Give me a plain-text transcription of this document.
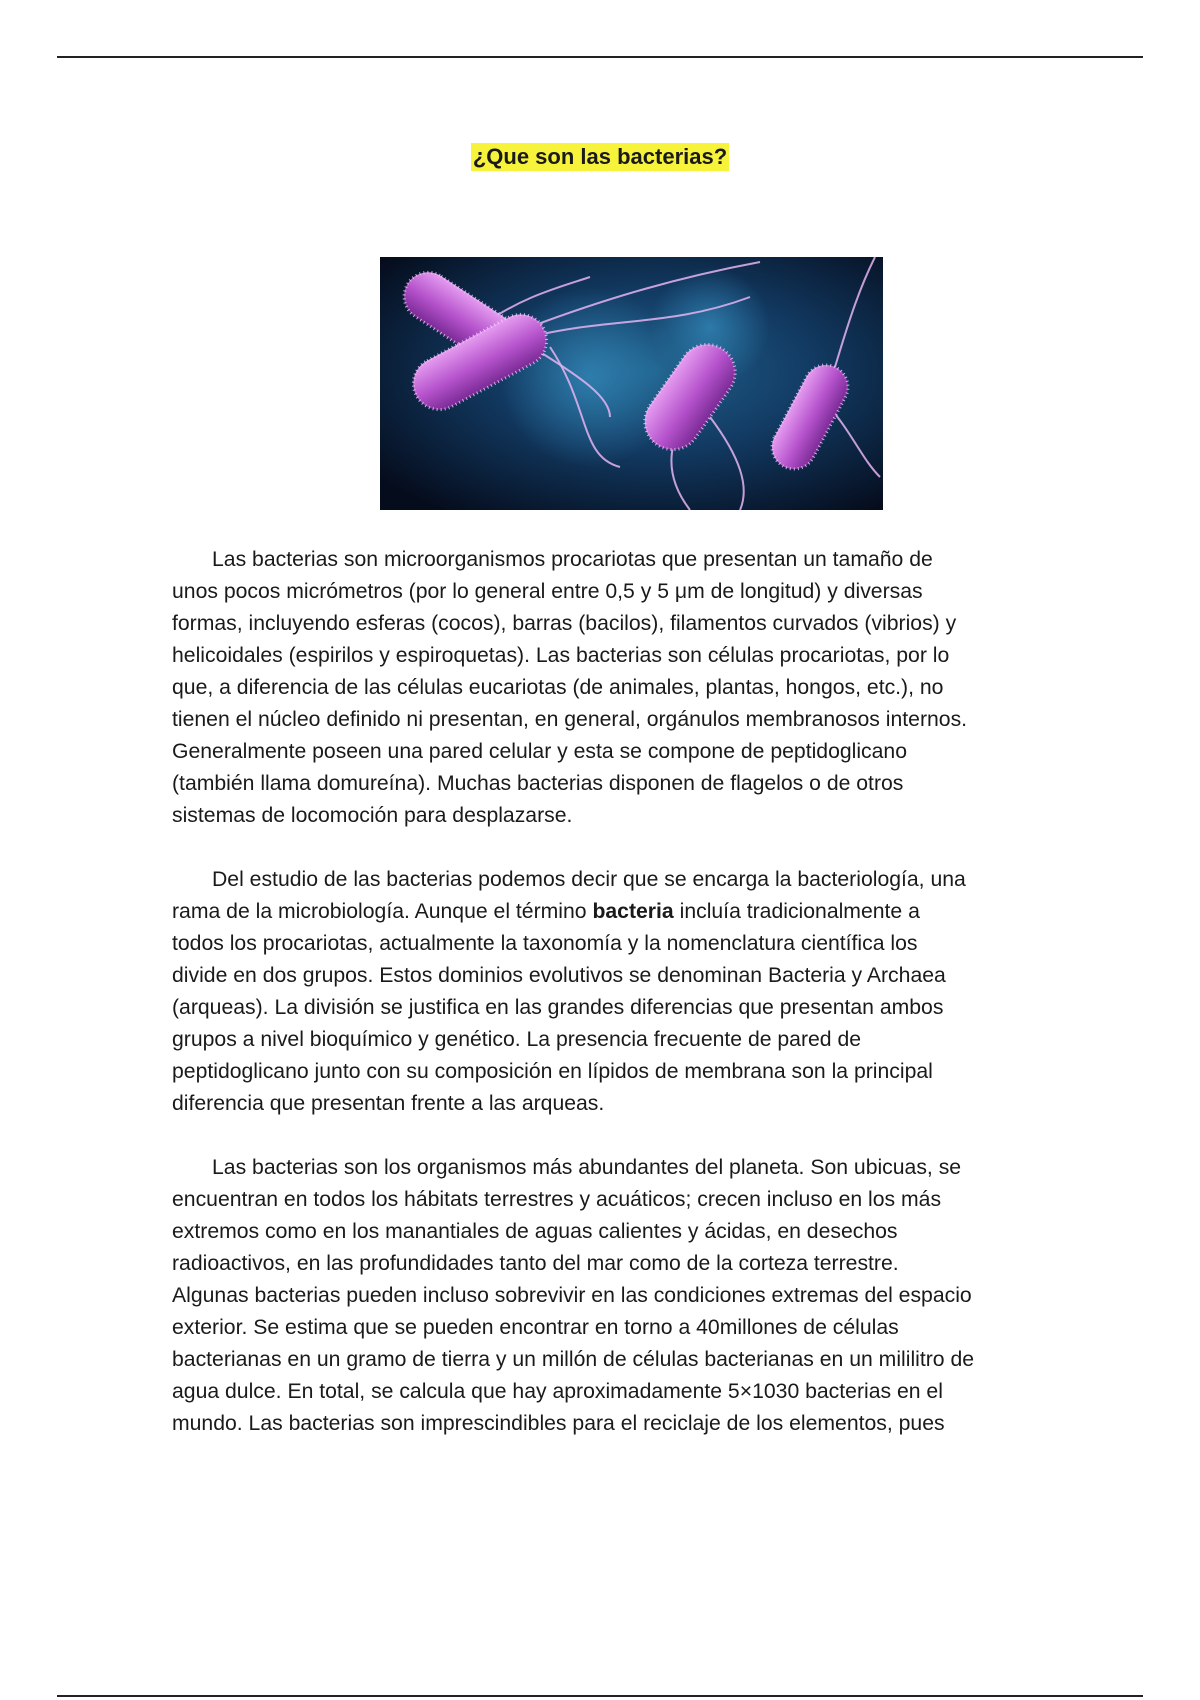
¿Que son las bacterias?
Las bacterias son microorganismos procariotas que presentan un tamaño de
unos pocos micrómetros (por lo general entre 0,5 y 5 μm de longitud) y diversas
formas, incluyendo esferas (cocos), barras (bacilos), filamentos curvados (vibrios) y
helicoidales (espirilos y espiroquetas). Las bacterias son células procariotas, por lo
que, a diferencia de las células eucariotas (de animales, plantas, hongos, etc.), no
tienen el núcleo definido ni presentan, en general, orgánulos membranosos internos.
Generalmente poseen una pared celular y esta se compone de peptidoglicano
(también llama domureína). Muchas bacterias disponen de flagelos o de otros
sistemas de locomoción para desplazarse.
Del estudio de las bacterias podemos decir que se encarga la bacteriología, una
rama de la microbiología. Aunque el término bacteria incluía tradicionalmente a
todos los procariotas, actualmente la taxonomía y la nomenclatura científica los
divide en dos grupos. Estos dominios evolutivos se denominan Bacteria y Archaea
(arqueas). La división se justifica en las grandes diferencias que presentan ambos
grupos a nivel bioquímico y genético. La presencia frecuente de pared de
peptidoglicano junto con su composición en lípidos de membrana son la principal
diferencia que presentan frente a las arqueas.
Las bacterias son los organismos más abundantes del planeta. Son ubicuas, se
encuentran en todos los hábitats terrestres y acuáticos; crecen incluso en los más
extremos como en los manantiales de aguas calientes y ácidas, en desechos
radioactivos, en las profundidades tanto del mar como de la corteza terrestre.
Algunas bacterias pueden incluso sobrevivir en las condiciones extremas del espacio
exterior. Se estima que se pueden encontrar en torno a 40millones de células
bacterianas en un gramo de tierra y un millón de células bacterianas en un mililitro de
agua dulce. En total, se calcula que hay aproximadamente 5×1030 bacterias en el
mundo. Las bacterias son imprescindibles para el reciclaje de los elementos, pues
